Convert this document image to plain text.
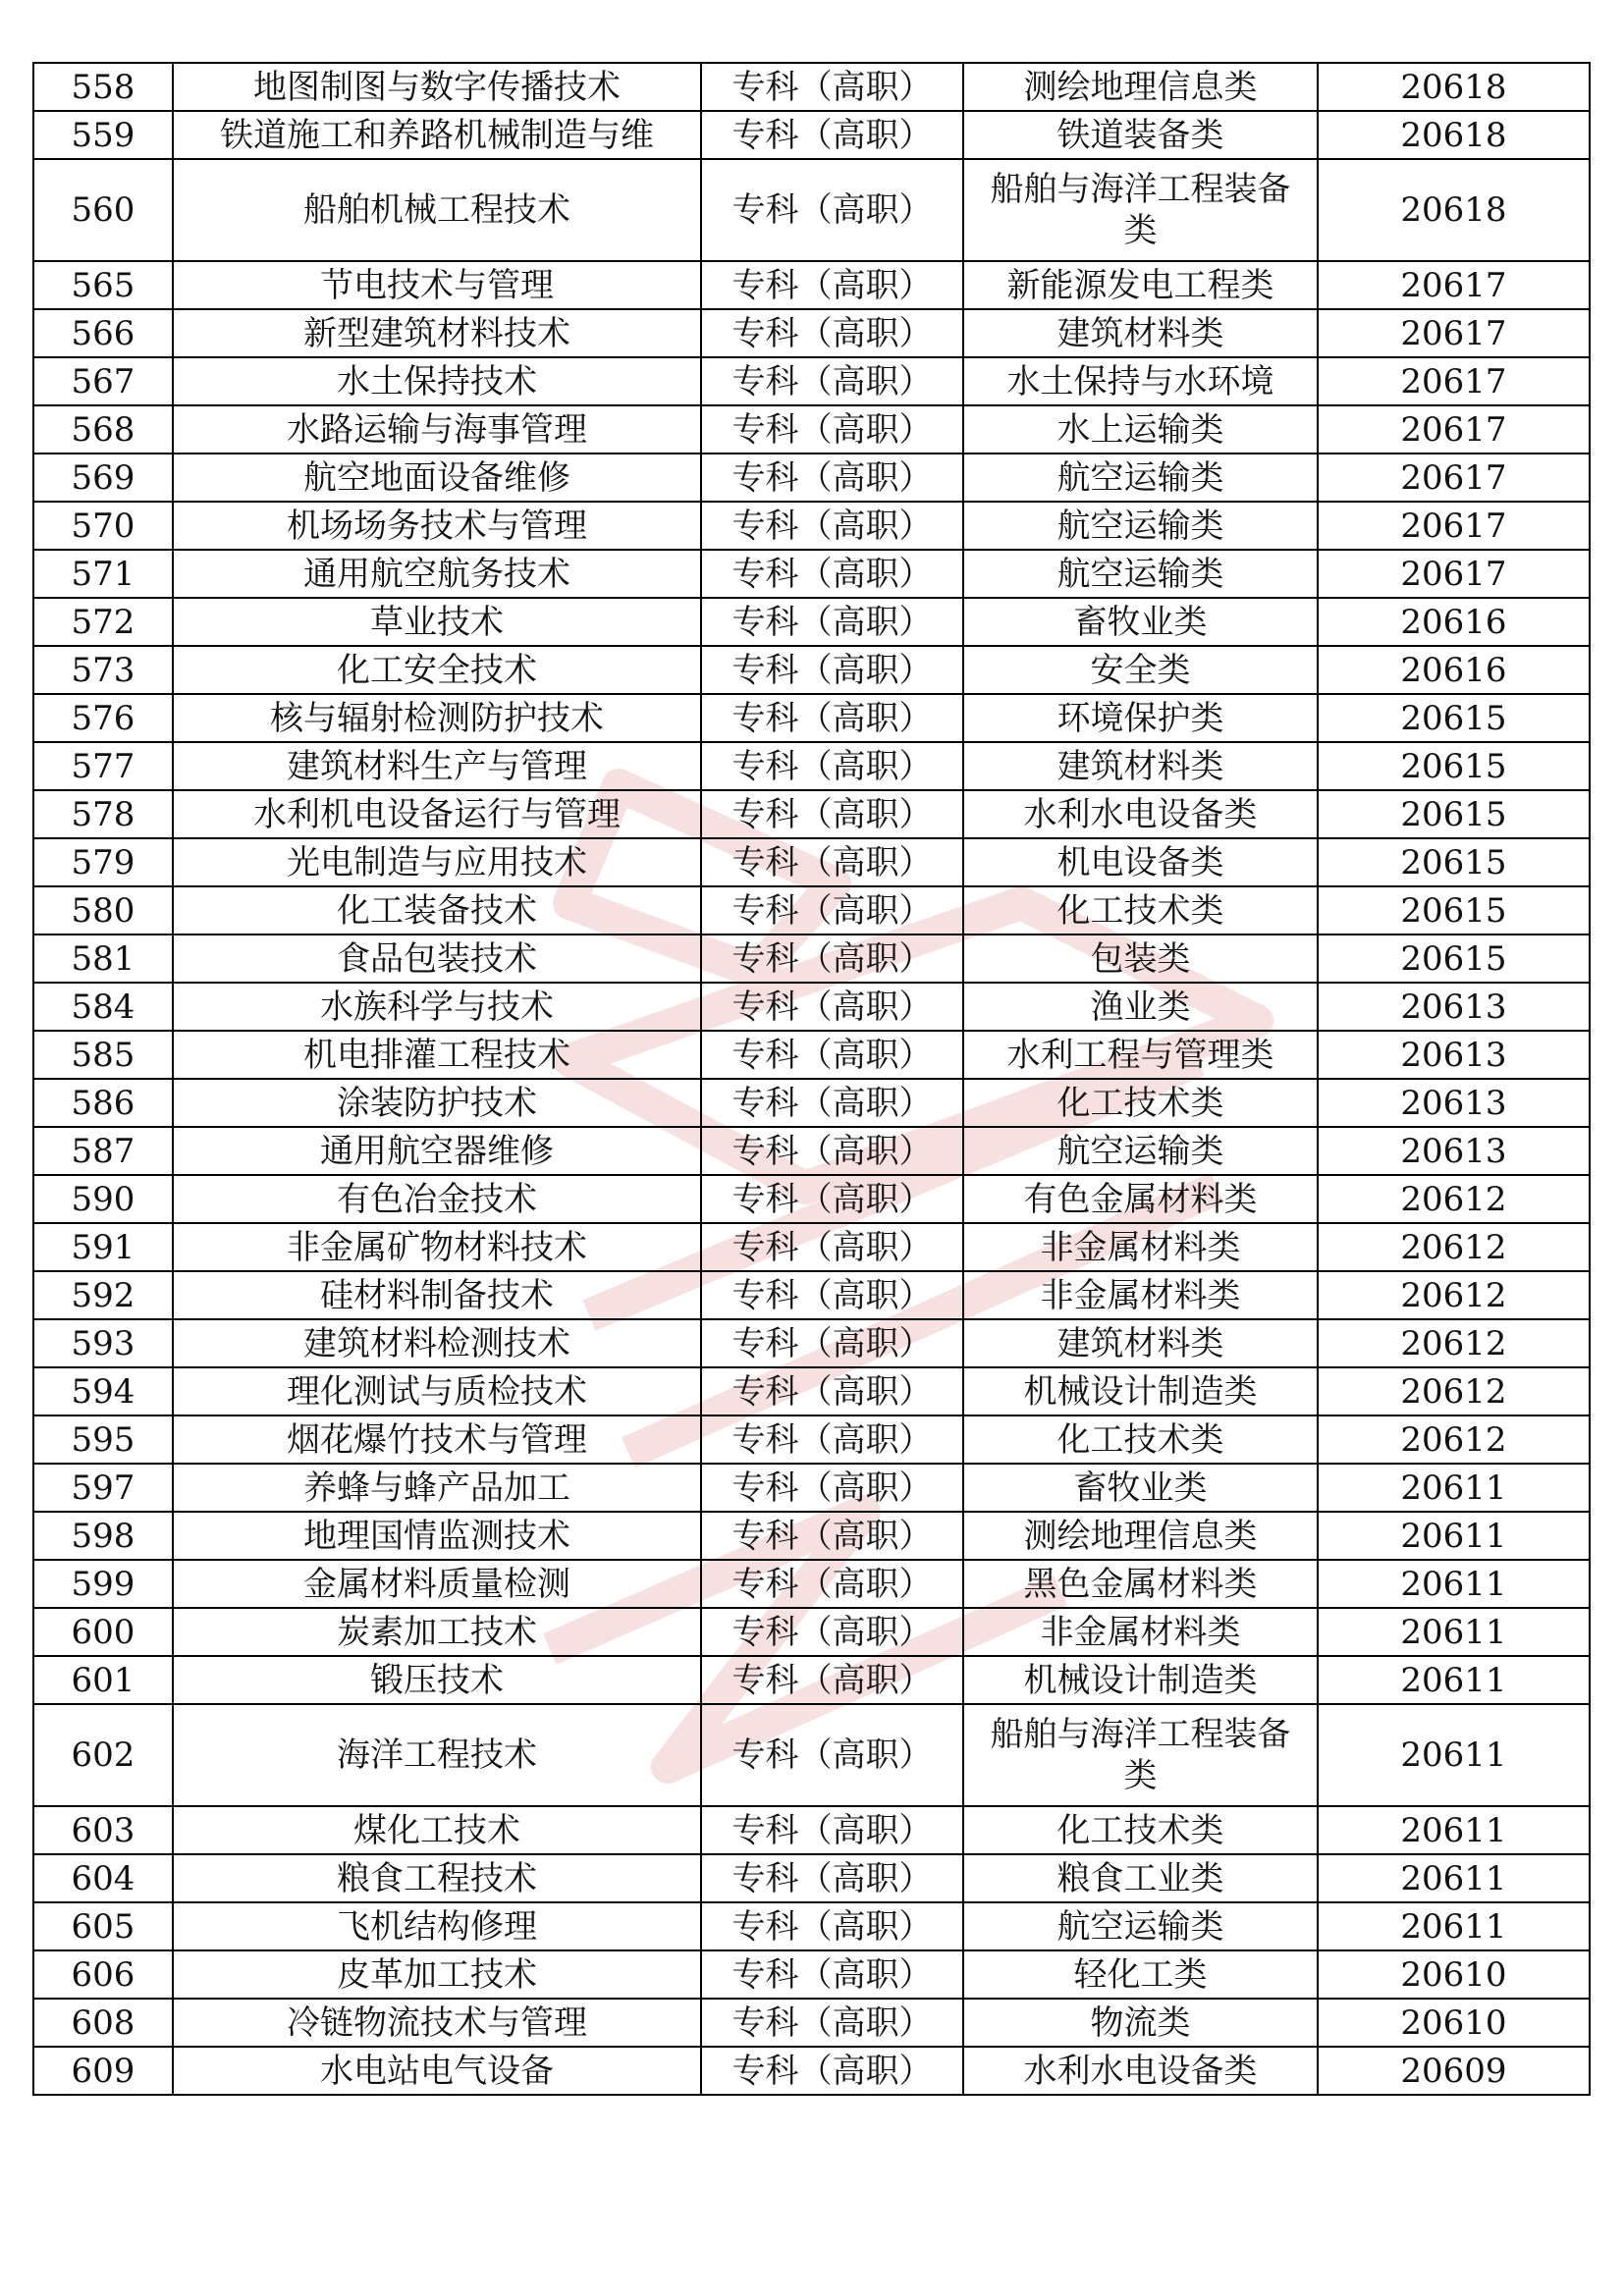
558	地图制图与数字传播技术	专科（高职）	测绘地理信息类	20618
559	铁道施工和养路机械制造与维	专科（高职）	铁道装备类	20618
560	船舶机械工程技术	专科（高职）	船舶与海洋工程装备类	20618
565	节电技术与管理	专科（高职）	新能源发电工程类	20617
566	新型建筑材料技术	专科（高职）	建筑材料类	20617
567	水土保持技术	专科（高职）	水土保持与水环境	20617
568	水路运输与海事管理	专科（高职）	水上运输类	20617
569	航空地面设备维修	专科（高职）	航空运输类	20617
570	机场场务技术与管理	专科（高职）	航空运输类	20617
571	通用航空航务技术	专科（高职）	航空运输类	20617
572	草业技术	专科（高职）	畜牧业类	20616
573	化工安全技术	专科（高职）	安全类	20616
576	核与辐射检测防护技术	专科（高职）	环境保护类	20615
577	建筑材料生产与管理	专科（高职）	建筑材料类	20615
578	水利机电设备运行与管理	专科（高职）	水利水电设备类	20615
579	光电制造与应用技术	专科（高职）	机电设备类	20615
580	化工装备技术	专科（高职）	化工技术类	20615
581	食品包装技术	专科（高职）	包装类	20615
584	水族科学与技术	专科（高职）	渔业类	20613
585	机电排灌工程技术	专科（高职）	水利工程与管理类	20613
586	涂装防护技术	专科（高职）	化工技术类	20613
587	通用航空器维修	专科（高职）	航空运输类	20613
590	有色冶金技术	专科（高职）	有色金属材料类	20612
591	非金属矿物材料技术	专科（高职）	非金属材料类	20612
592	硅材料制备技术	专科（高职）	非金属材料类	20612
593	建筑材料检测技术	专科（高职）	建筑材料类	20612
594	理化测试与质检技术	专科（高职）	机械设计制造类	20612
595	烟花爆竹技术与管理	专科（高职）	化工技术类	20612
597	养蜂与蜂产品加工	专科（高职）	畜牧业类	20611
598	地理国情监测技术	专科（高职）	测绘地理信息类	20611
599	金属材料质量检测	专科（高职）	黑色金属材料类	20611
600	炭素加工技术	专科（高职）	非金属材料类	20611
601	锻压技术	专科（高职）	机械设计制造类	20611
602	海洋工程技术	专科（高职）	船舶与海洋工程装备类	20611
603	煤化工技术	专科（高职）	化工技术类	20611
604	粮食工程技术	专科（高职）	粮食工业类	20611
605	飞机结构修理	专科（高职）	航空运输类	20611
606	皮革加工技术	专科（高职）	轻化工类	20610
608	冷链物流技术与管理	专科（高职）	物流类	20610
609	水电站电气设备	专科（高职）	水利水电设备类	20609
